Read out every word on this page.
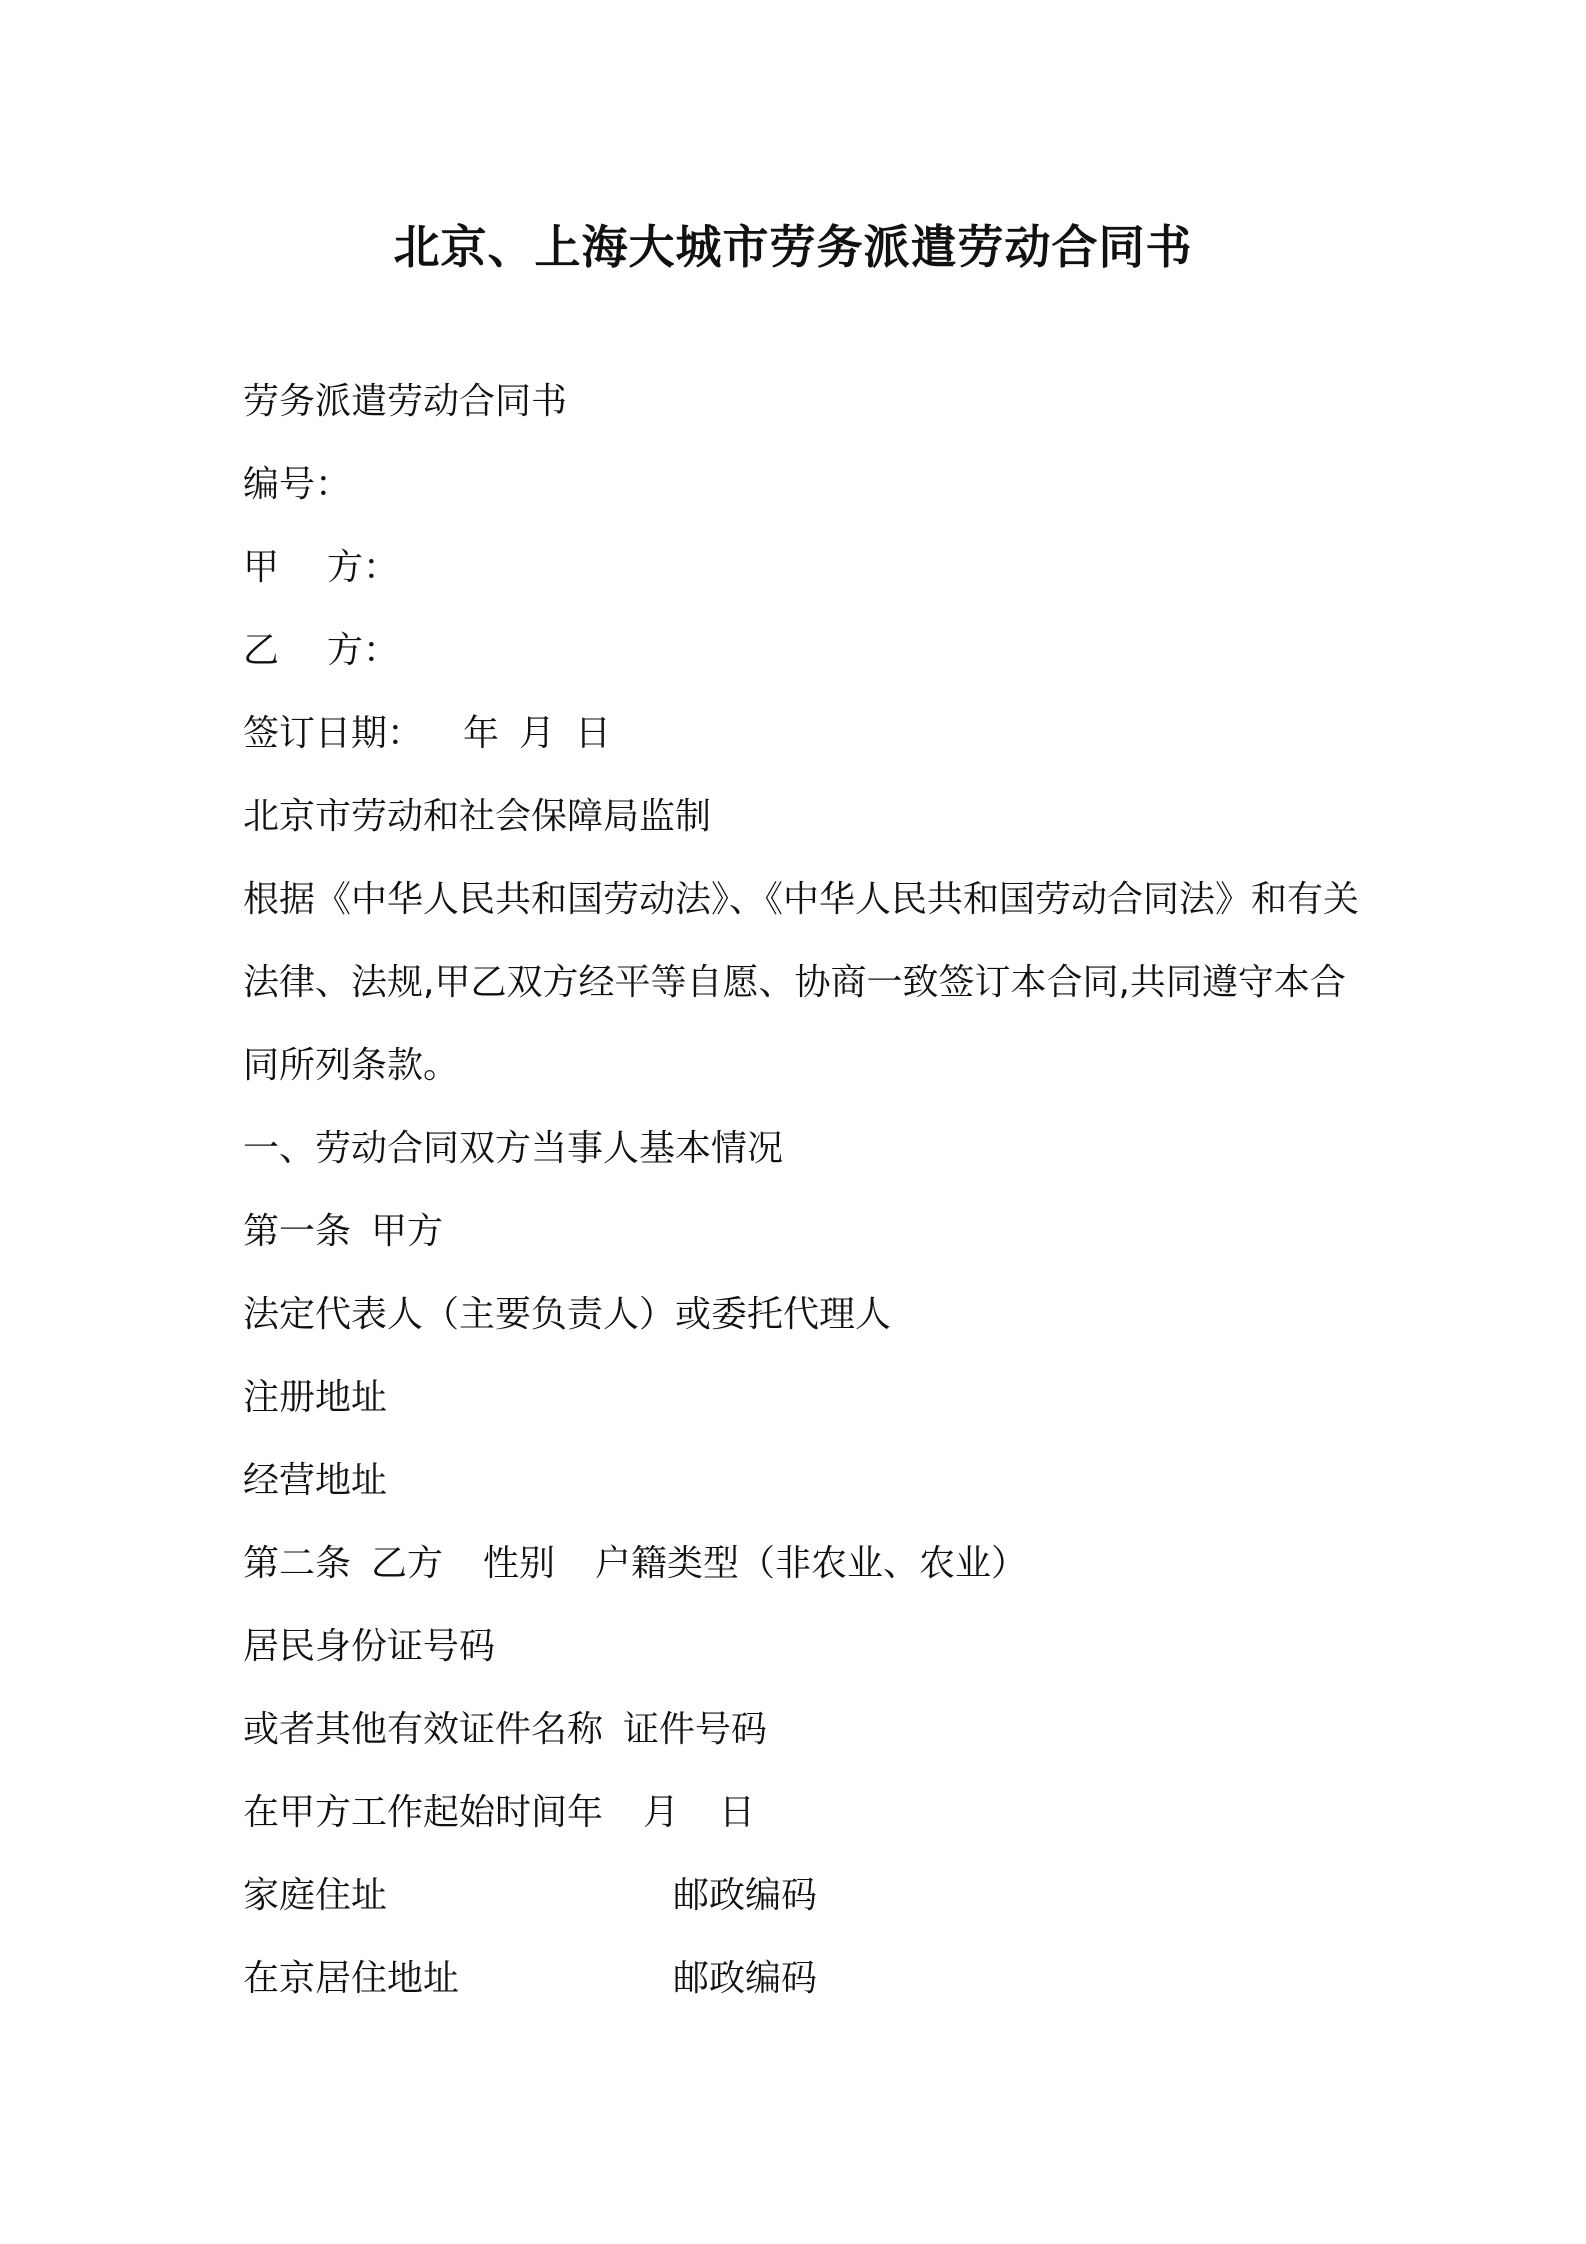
北京、上海大城市劳务派遣劳动合同书

劳务派遣劳动合同书

编号：

甲 方：

乙 方：

签订日期： 年 月 日

北京市劳动和社会保障局监制

根据《中华人民共和国劳动法》、《中华人民共和国劳动合同法》和有关法律、法规,甲乙双方经平等自愿、协商一致签订本合同,共同遵守本合同所列条款。

一、劳动合同双方当事人基本情况

第一条 甲方

法定代表人（主要负责人）或委托代理人

注册地址

经营地址

第二条 乙方 性别 户籍类型（非农业、农业）

居民身份证号码

或者其他有效证件名称 证件号码

在甲方工作起始时间年 月 日

家庭住址	邮政编码

在京居住地址	邮政编码
